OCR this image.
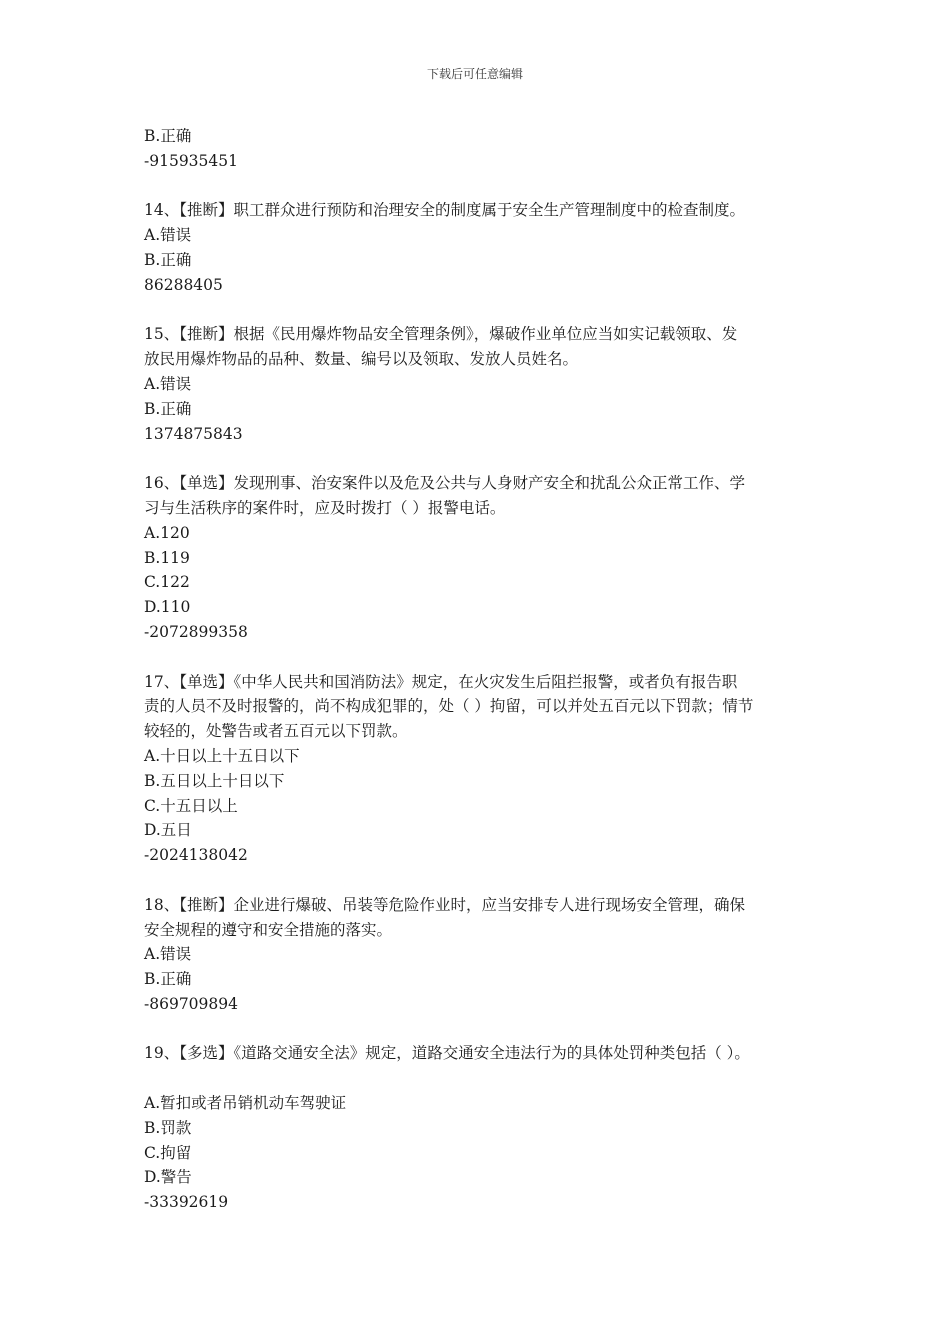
下载后可任意编辑

B.正确

-915935451

14、【推断】职工群众进行预防和治理安全的制度属于安全生产管理制度中的检查制度。

A.错误

B.正确

86288405

15、【推断】根据《民用爆炸物品安全管理条例》，爆破作业单位应当如实记载领取、发

放民用爆炸物品的品种、数量、编号以及领取、发放人员姓名。

A.错误

B.正确

1374875843

16、【单选】发现刑事、治安案件以及危及公共与人身财产安全和扰乱公众正常工作、学

习与生活秩序的案件时，应及时拨打（ ）报警电话。

A.120

B.119

C.122

D.110

-2072899358

17、【单选】《中华人民共和国消防法》规定，在火灾发生后阻拦报警，或者负有报告职

责的人员不及时报警的，尚不构成犯罪的，处（ ）拘留，可以并处五百元以下罚款；情节

较轻的，处警告或者五百元以下罚款。

A.十日以上十五日以下

B.五日以上十日以下

C.十五日以上

D.五日

-2024138042

18、【推断】企业进行爆破、吊装等危险作业时，应当安排专人进行现场安全管理，确保

安全规程的遵守和安全措施的落实。

A.错误

B.正确

-869709894

19、【多选】《道路交通安全法》规定，道路交通安全违法行为的具体处罚种类包括（ ）。

A.暂扣或者吊销机动车驾驶证

B.罚款

C.拘留

D.警告

-33392619
